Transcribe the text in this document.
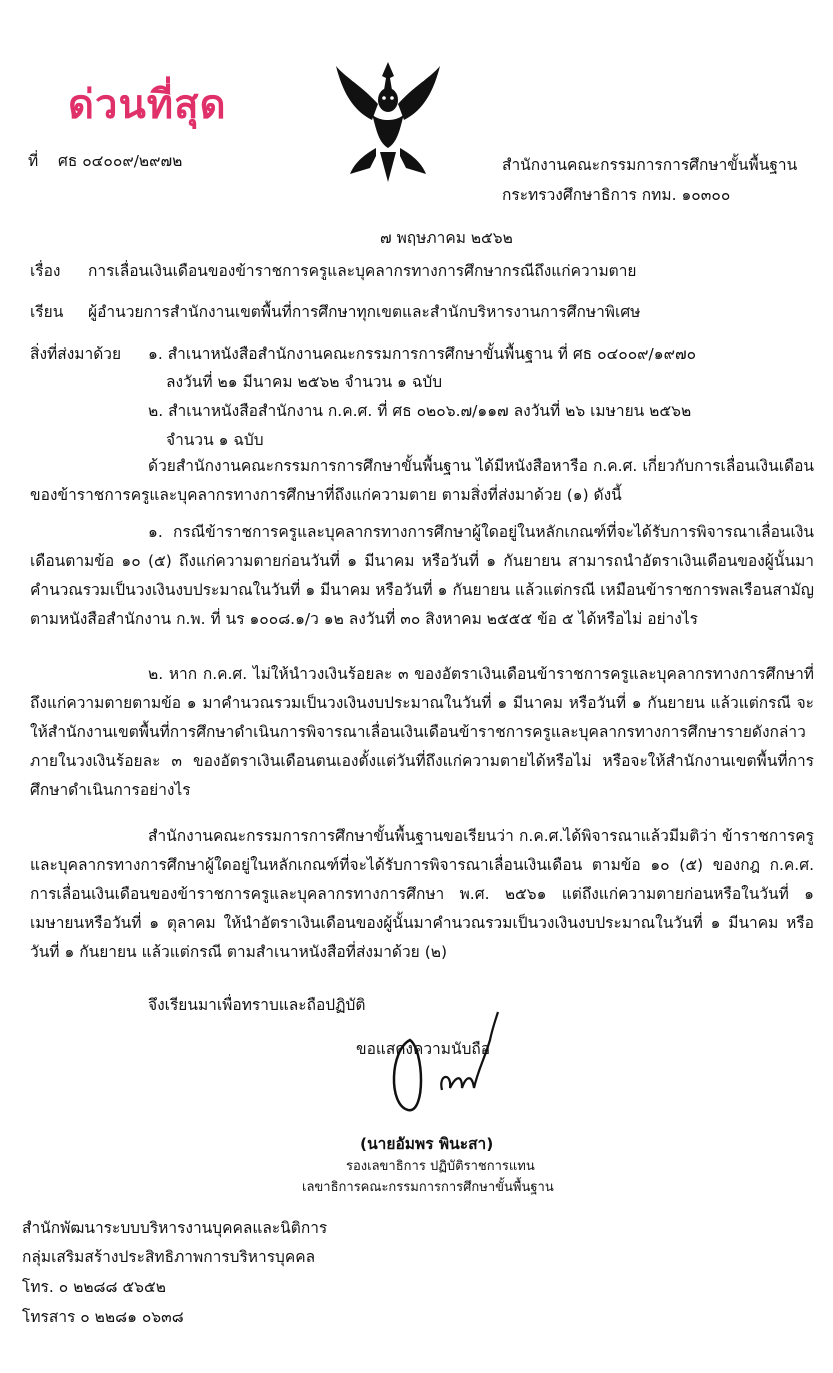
ด่วนที่สุด
ที่ ศธ ๐๔๐๐๙/๒๙๗๒	สำนักงานคณะกรรมการการศึกษาขั้นพื้นฐาน
กระทรวงศึกษาธิการ กทม. ๑๐๓๐๐
๗ พฤษภาคม ๒๕๖๒
เรื่อง การเลื่อนเงินเดือนของข้าราชการครูและบุคลากรทางการศึกษากรณีถึงแก่ความตาย
เรียน ผู้อำนวยการสำนักงานเขตพื้นที่การศึกษาทุกเขตและสำนักบริหารงานการศึกษาพิเศษ
สิ่งที่ส่งมาด้วย ๑. สำเนาหนังสือสำนักงานคณะกรรมการการศึกษาขั้นพื้นฐาน ที่ ศธ ๐๔๐๐๙/๑๙๗๐
ลงวันที่ ๒๑ มีนาคม ๒๕๖๒ จำนวน ๑ ฉบับ
๒. สำเนาหนังสือสำนักงาน ก.ค.ศ. ที่ ศธ ๐๒๐๖.๗/๑๑๗ ลงวันที่ ๒๖ เมษายน ๒๕๖๒
จำนวน ๑ ฉบับ

ด้วยสำนักงานคณะกรรมการการศึกษาขั้นพื้นฐาน ได้มีหนังสือหารือ ก.ค.ศ. เกี่ยวกับการเลื่อนเงินเดือนของข้าราชการครูและบุคลากรทางการศึกษาที่ถึงแก่ความตาย ตามสิ่งที่ส่งมาด้วย (๑) ดังนี้

๑. กรณีข้าราชการครูและบุคลากรทางการศึกษาผู้ใดอยู่ในหลักเกณฑ์ที่จะได้รับการพิจารณาเลื่อนเงินเดือนตามข้อ ๑๐ (๕) ถึงแก่ความตายก่อนวันที่ ๑ มีนาคม หรือวันที่ ๑ กันยายน สามารถนำอัตราเงินเดือนของผู้นั้นมาคำนวณรวมเป็นวงเงินงบประมาณในวันที่ ๑ มีนาคม หรือวันที่ ๑ กันยายน แล้วแต่กรณี เหมือนข้าราชการพลเรือนสามัญ ตามหนังสือสำนักงาน ก.พ. ที่ นร ๑๐๐๘.๑/ว ๑๒ ลงวันที่ ๓๐ สิงหาคม ๒๕๕๕ ข้อ ๕ ได้หรือไม่ อย่างไร

๒. หาก ก.ค.ศ. ไม่ให้นำวงเงินร้อยละ ๓ ของอัตราเงินเดือนข้าราชการครูและบุคลากรทางการศึกษาที่ถึงแก่ความตายตามข้อ ๑ มาคำนวณรวมเป็นวงเงินงบประมาณในวันที่ ๑ มีนาคม หรือวันที่ ๑ กันยายน แล้วแต่กรณี จะให้สำนักงานเขตพื้นที่การศึกษาดำเนินการพิจารณาเลื่อนเงินเดือนข้าราชการครูและบุคลากรทางการศึกษารายดังกล่าวภายในวงเงินร้อยละ ๓ ของอัตราเงินเดือนตนเองตั้งแต่วันที่ถึงแก่ความตายได้หรือไม่ หรือจะให้สำนักงานเขตพื้นที่การศึกษาดำเนินการอย่างไร

สำนักงานคณะกรรมการการศึกษาขั้นพื้นฐานขอเรียนว่า ก.ค.ศ.ได้พิจารณาแล้วมีมติว่า ข้าราชการครูและบุคลากรทางการศึกษาผู้ใดอยู่ในหลักเกณฑ์ที่จะได้รับการพิจารณาเลื่อนเงินเดือน ตามข้อ ๑๐ (๕) ของกฎ ก.ค.ศ. การเลื่อนเงินเดือนของข้าราชการครูและบุคลากรทางการศึกษา พ.ศ. ๒๕๖๑ แต่ถึงแก่ความตายก่อนหรือในวันที่ ๑ เมษายนหรือวันที่ ๑ ตุลาคม ให้นำอัตราเงินเดือนของผู้นั้นมาคำนวณรวมเป็นวงเงินงบประมาณในวันที่ ๑ มีนาคม หรือวันที่ ๑ กันยายน แล้วแต่กรณี ตามสำเนาหนังสือที่ส่งมาด้วย (๒)

จึงเรียนมาเพื่อทราบและถือปฏิบัติ
ขอแสดงความนับถือ
(นายอัมพร พินะสา)
รองเลขาธิการ ปฏิบัติราชการแทน
เลขาธิการคณะกรรมการการศึกษาขั้นพื้นฐาน
สำนักพัฒนาระบบบริหารงานบุคคลและนิติการ
กลุ่มเสริมสร้างประสิทธิภาพการบริหารบุคคล
โทร. ๐ ๒๒๘๘ ๕๖๕๒
โทรสาร ๐ ๒๒๘๑ ๐๖๓๘
